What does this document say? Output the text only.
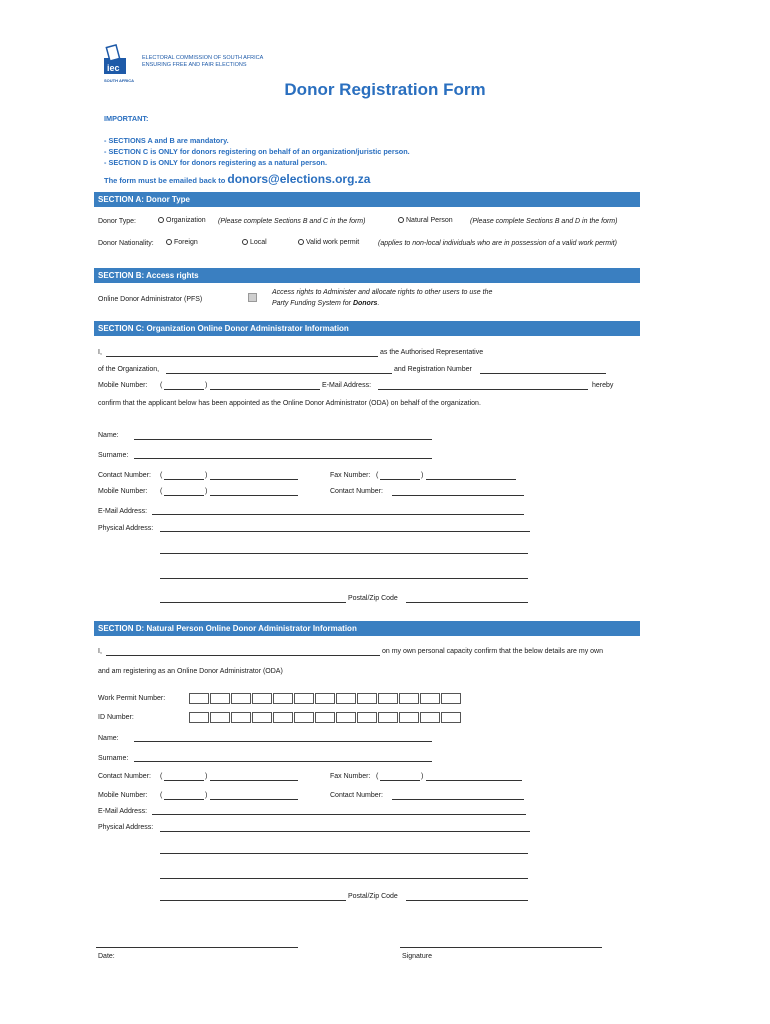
iec
SOUTH AFRICA
ELECTORAL COMMISSION OF SOUTH AFRICA
ENSURING FREE AND FAIR ELECTIONS
Donor Registration Form
IMPORTANT:
- SECTIONS A and B are mandatory.
- SECTION C is ONLY for donors registering on behalf of an organization/juristic person.
- SECTION D is ONLY for donors registering as a natural person.
The form must be emailed back to donors@elections.org.za
SECTION A: Donor Type
Donor Type:	Organization (Please complete Sections B and C in the form)	Natural Person (Please complete Sections B and D in the form)
Donor Nationality:	Foreign	Local	Valid work permit	(applies to non-local individuals who are in possession of a valid work permit)
SECTION B: Access rights
Online Donor Administrator (PFS)
Access rights to Administer and allocate rights to other users to use the
Party Funding System for Donors.
SECTION C: Organization Online Donor Administrator Information
I,	as the Authorised Representative
of the Organization,	and Registration Number
Mobile Number: (	)	E-Mail Address:	hereby
confirm that the applicant below has been appointed as the Online Donor Administrator (ODA) on behalf of the organization.
Name:
Surname:
Contact Number: (	)	Fax Number: (	)
Mobile Number: (	)	Contact Number:
E-Mail Address:
Physical Address:
Postal/Zip Code
SECTION D: Natural Person Online Donor Administrator Information
I,	on my own personal capacity confirm that the below details are my own
and am registering as an Online Donor Administrator (ODA)
Work Permit Number:
ID Number:
Name:
Surname:
Contact Number: (	)	Fax Number: (	)
Mobile Number: (	)	Contact Number:
E-Mail Address:
Physical Address:
Postal/Zip Code
Date:	Signature
